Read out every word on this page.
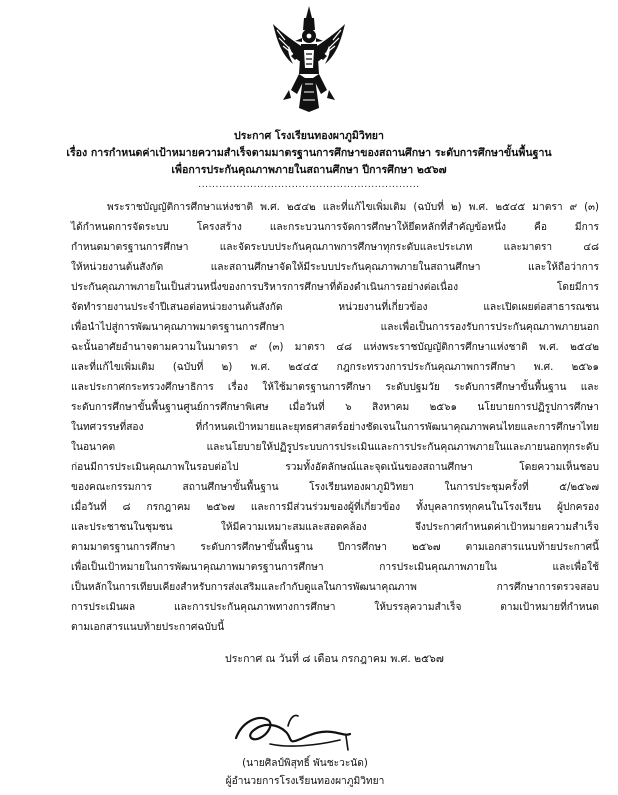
ประกาศ โรงเรียนทองผาภูมิวิทยา
เรื่อง การกำหนดค่าเป้าหมายความสำเร็จตามมาตรฐานการศึกษาของสถานศึกษา ระดับการศึกษาขั้นพื้นฐาน
เพื่อการประกันคุณภาพภายในสถานศึกษา ปีการศึกษา ๒๕๖๗
................................................................
พระราชบัญญัติการศึกษาแห่งชาติ พ.ศ. ๒๕๔๒ และที่แก้ไขเพิ่มเติม (ฉบับที่ ๒) พ.ศ. ๒๕๔๕ มาตรา ๙ (๓)
ได้กำหนดการจัดระบบ โครงสร้าง และกระบวนการจัดการศึกษาให้ยึดหลักที่สำคัญข้อหนึ่ง คือ มีการ
กำหนดมาตรฐานการศึกษา และจัดระบบประกันคุณภาพการศึกษาทุกระดับและประเภท และมาตรา ๔๘
ให้หน่วยงานต้นสังกัด และสถานศึกษาจัดให้มีระบบประกันคุณภาพภายในสถานศึกษา และให้ถือว่าการ
ประกันคุณภาพภายในเป็นส่วนหนึ่งของการบริหารการศึกษาที่ต้องดำเนินการอย่างต่อเนื่อง โดยมีการ
จัดทำรายงานประจำปีเสนอต่อหน่วยงานต้นสังกัด หน่วยงานที่เกี่ยวข้อง และเปิดเผยต่อสาธารณชน
เพื่อนำไปสู่การพัฒนาคุณภาพมาตรฐานการศึกษา และเพื่อเป็นการรองรับการประกันคุณภาพภายนอก
ฉะนั้นอาศัยอำนาจตามความในมาตรา ๙ (๓) มาตรา ๔๘ แห่งพระราชบัญญัติการศึกษาแห่งชาติ พ.ศ. ๒๕๔๒
และที่แก้ไขเพิ่มเติม (ฉบับที่ ๒) พ.ศ. ๒๕๔๕ กฎกระทรวงการประกันคุณภาพการศึกษา พ.ศ. ๒๕๖๑
และประกาศกระทรวงศึกษาธิการ เรื่อง ให้ใช้มาตรฐานการศึกษา ระดับปฐมวัย ระดับการศึกษาขั้นพื้นฐาน และ
ระดับการศึกษาขั้นพื้นฐานศูนย์การศึกษาพิเศษ เมื่อวันที่ ๖ สิงหาคม ๒๕๖๑ นโยบายการปฏิรูปการศึกษา
ในทศวรรษที่สอง ที่กำหนดเป้าหมายและยุทธศาสตร์อย่างชัดเจนในการพัฒนาคุณภาพคนไทยและการศึกษาไทย
ในอนาคต และนโยบายให้ปฏิรูประบบการประเมินและการประกันคุณภาพภายในและภายนอกทุกระดับ
ก่อนมีการประเมินคุณภาพในรอบต่อไป รวมทั้งอัตลักษณ์และจุดเน้นของสถานศึกษา โดยความเห็นชอบ
ของคณะกรรมการ สถานศึกษาขั้นพื้นฐาน โรงเรียนทองผาภูมิวิทยา ในการประชุมครั้งที่ ๕/๒๕๖๗
เมื่อวันที่ ๘ กรกฎาคม ๒๕๖๗ และการมีส่วนร่วมของผู้ที่เกี่ยวข้อง ทั้งบุคลากรทุกคนในโรงเรียน ผู้ปกครอง
และประชาชนในชุมชน ให้มีความเหมาะสมและสอดคล้อง จึงประกาศกำหนดค่าเป้าหมายความสำเร็จ
ตามมาตรฐานการศึกษา ระดับการศึกษาขั้นพื้นฐาน ปีการศึกษา ๒๕๖๗ ตามเอกสารแนบท้ายประกาศนี้
เพื่อเป็นเป้าหมายในการพัฒนาคุณภาพมาตรฐานการศึกษา การประเมินคุณภาพภายใน และเพื่อใช้
เป็นหลักในการเทียบเคียงสำหรับการส่งเสริมและกำกับดูแลในการพัฒนาคุณภาพ การศึกษาการตรวจสอบ
การประเมินผล และการประกันคุณภาพทางการศึกษา ให้บรรลุความสำเร็จ ตามเป้าหมายที่กำหนด
ตามเอกสารแนบท้ายประกาศฉบับนี้
ประกาศ ณ วันที่ ๘ เดือน กรกฎาคม พ.ศ. ๒๕๖๗
(นายศิลป์พิสุทธิ์ พันชะวะนัด)
ผู้อำนวยการโรงเรียนทองผาภูมิวิทยา
